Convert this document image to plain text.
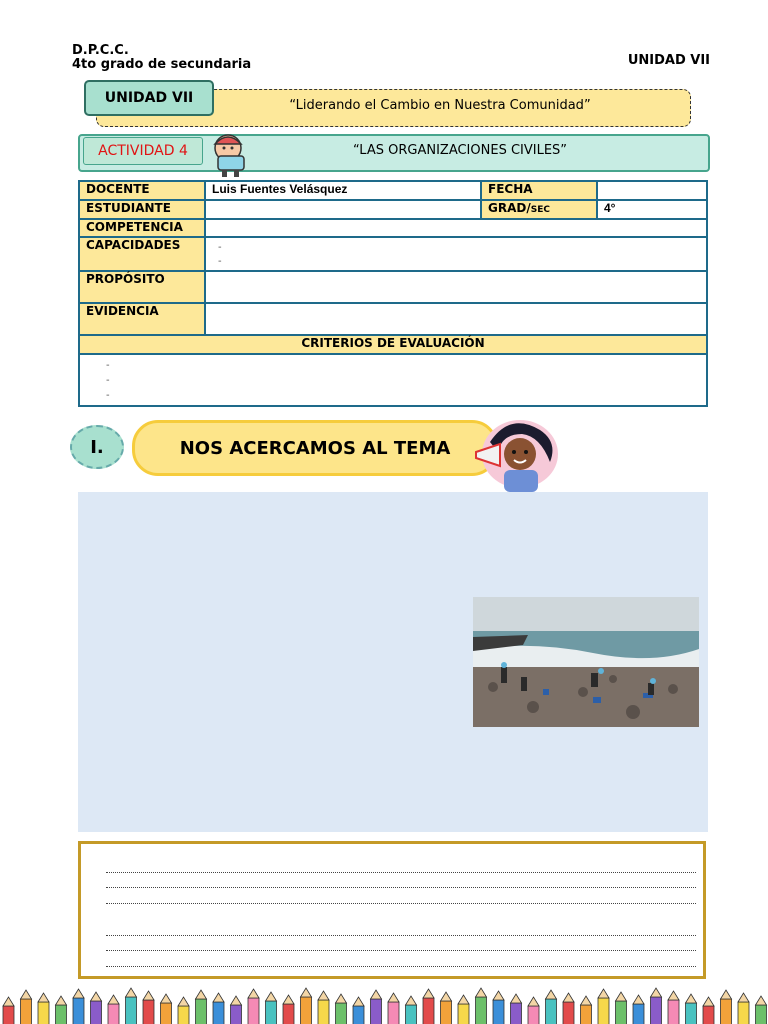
D.P.C.C.
4to grado de secundaria	UNIDAD VII
UNIDAD VII	“Liderando el Cambio en Nuestra Comunidad”
ACTIVIDAD 4	“LAS ORGANIZACIONES CIVILES”
DOCENTE	Luis Fuentes Velásquez	FECHA	
ESTUDIANTE		GRAD/SEC	4°
COMPETENCIA			
CAPACIDADES	-
-		

PROPÓSITO			
EVIDENCIA			
CRITERIOS DE EVALUACIÓN			

-
-
-			
I.	NOS ACERCAMOS AL TEMA
